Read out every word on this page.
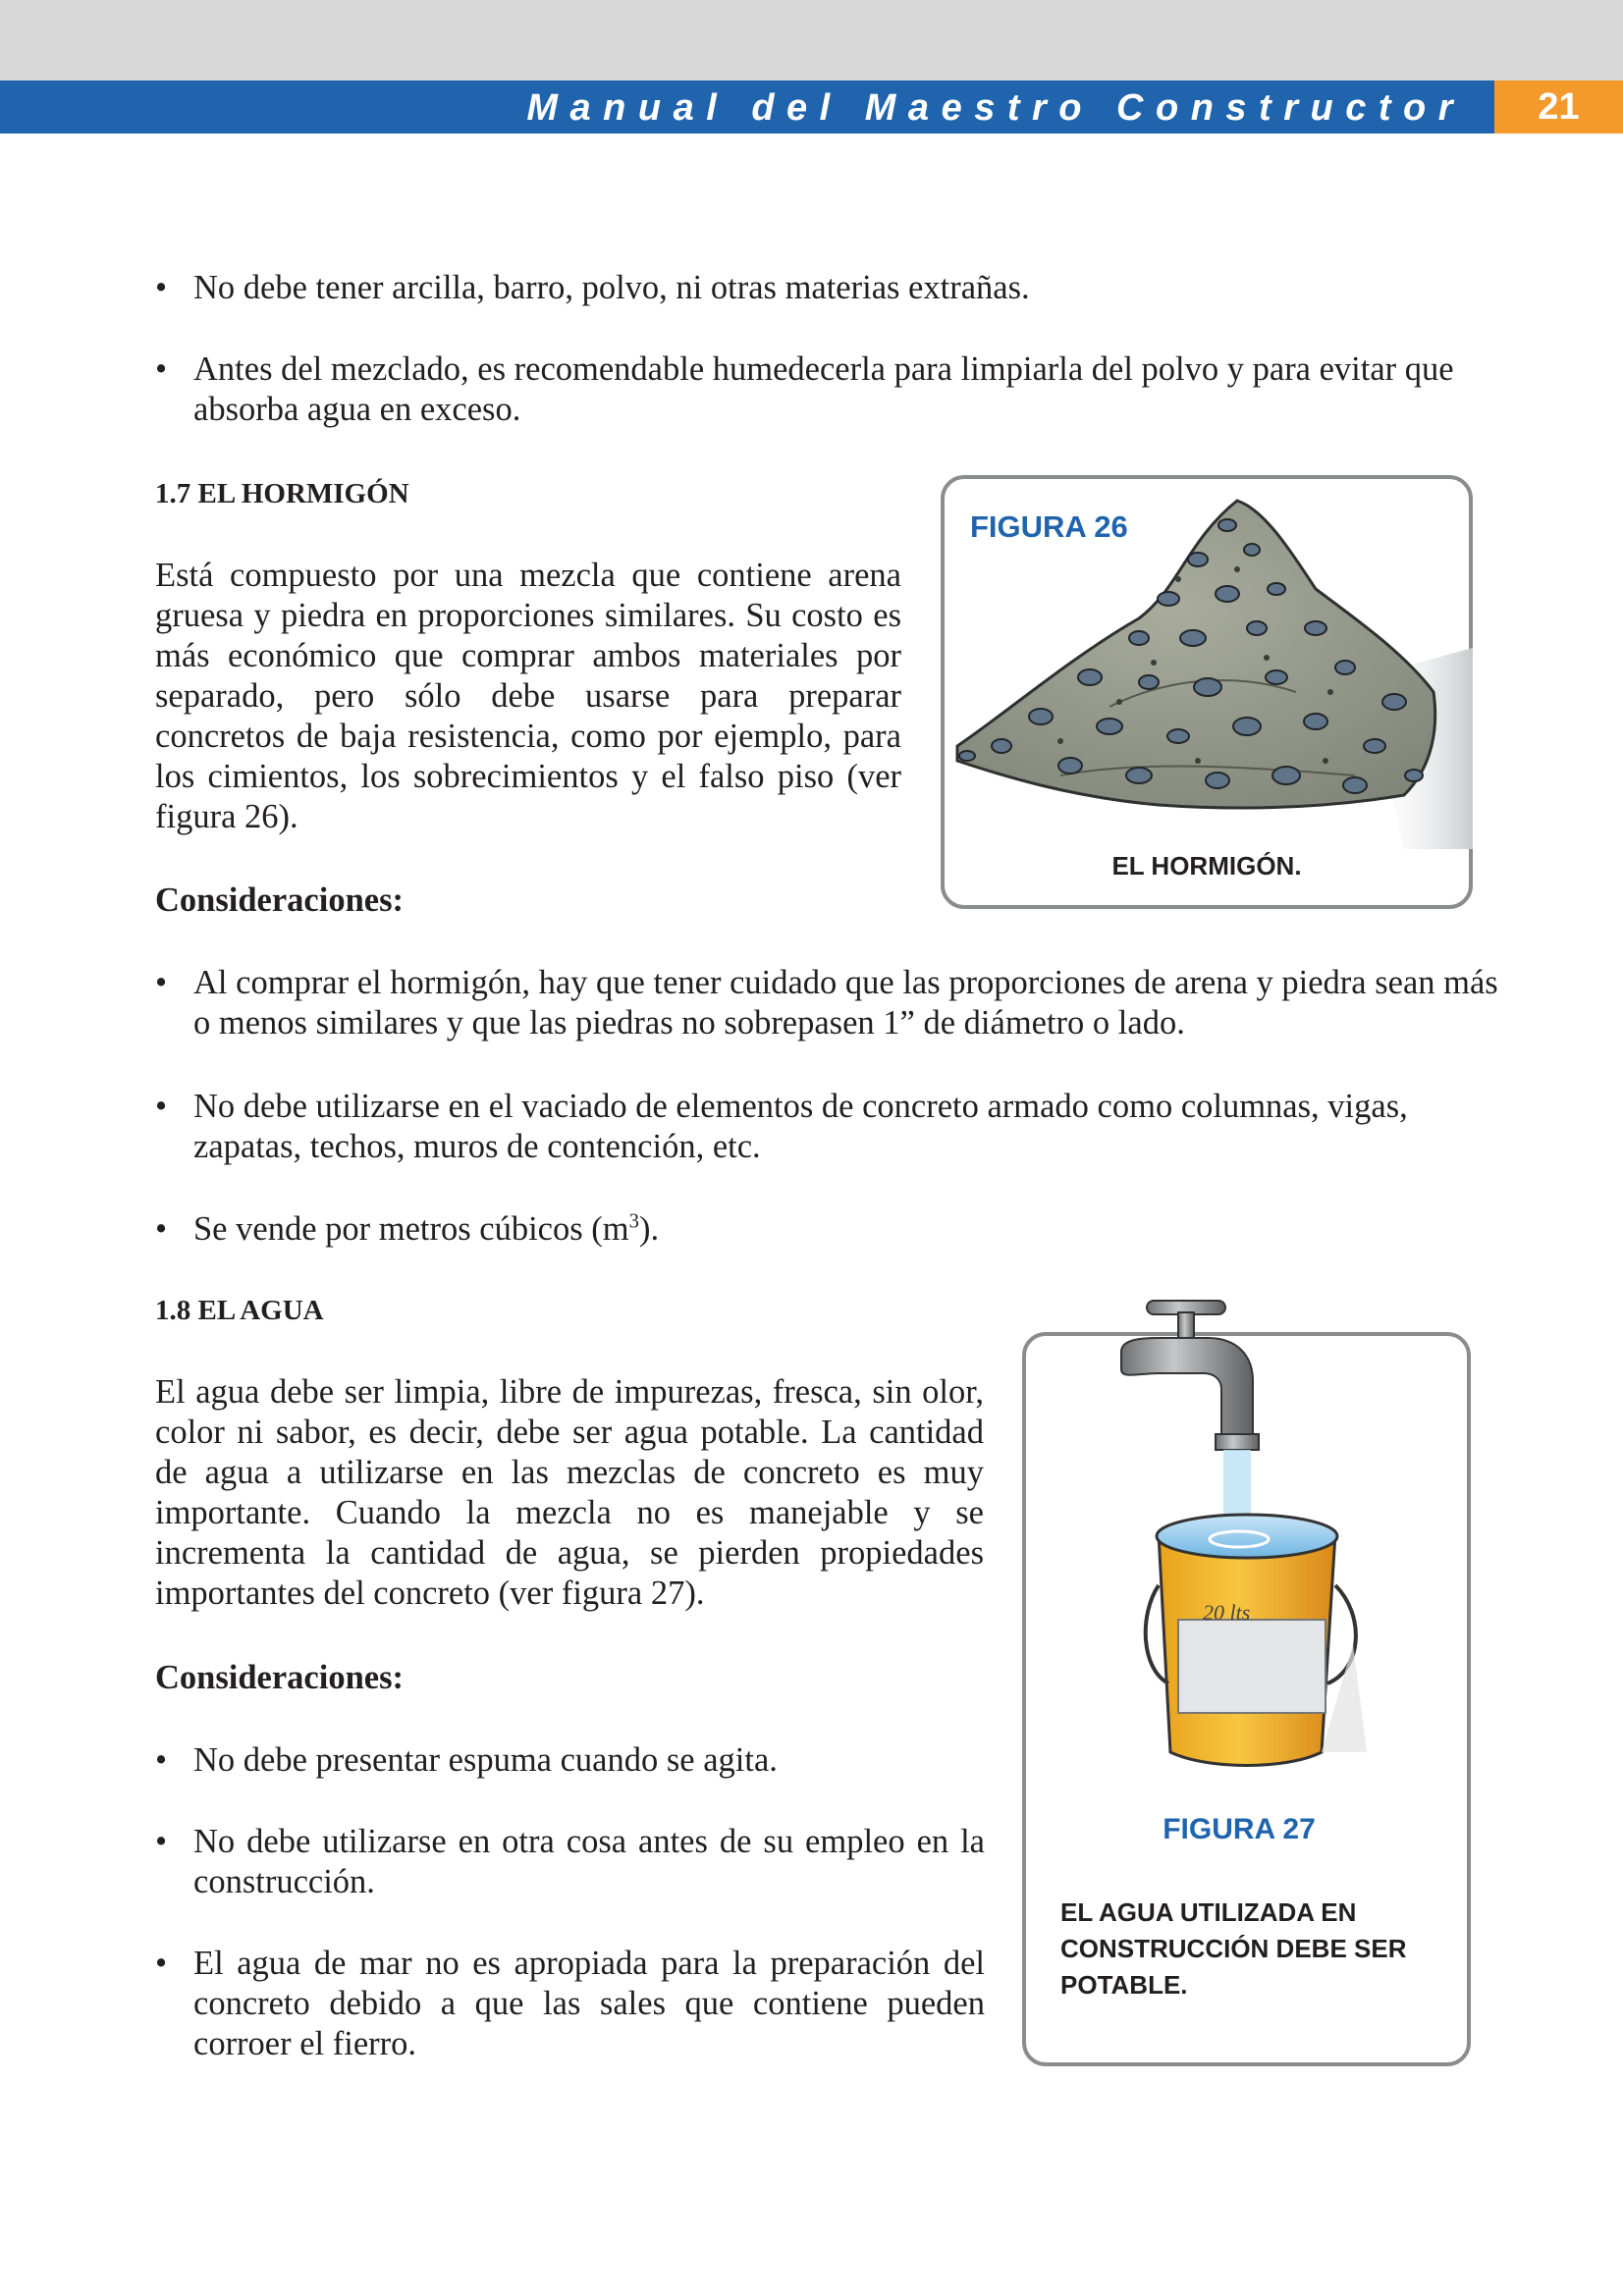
Manual del Maestro Constructor	21
• No debe tener arcilla, barro, polvo, ni otras materias extrañas.
• Antes del mezclado, es recomendable humedecerla para limpiarla del polvo y para evitar que absorba agua en exceso.
1.7 EL HORMIGÓN
Está compuesto por una mezcla que contiene arena gruesa y piedra en proporciones similares. Su costo es más económico que comprar ambos materiales por separado, pero sólo debe usarse para preparar concretos de baja resistencia, como por ejemplo, para los cimientos, los sobrecimientos y el falso piso (ver figura 26).
Consideraciones:
FIGURA 26
EL HORMIGÓN.
• Al comprar el hormigón, hay que tener cuidado que las proporciones de arena y piedra sean más o menos similares y que las piedras no sobrepasen 1” de diámetro o lado.
• No debe utilizarse en el vaciado de elementos de concreto armado como columnas, vigas, zapatas, techos, muros de contención, etc.
• Se vende por metros cúbicos $(m^3)$.
1.8 EL AGUA
El agua debe ser limpia, libre de impurezas, fresca, sin olor, color ni sabor, es decir, debe ser agua potable. La cantidad de agua a utilizarse en las mezclas de concreto es muy importante. Cuando la mezcla no es manejable y se incrementa la cantidad de agua, se pierden propiedades importantes del concreto (ver figura 27).
Consideraciones:
• No debe presentar espuma cuando se agita.
• No debe utilizarse en otra cosa antes de su empleo en la construcción.
• El agua de mar no es apropiada para la preparación del concreto debido a que las sales que contiene pueden corroer el fierro.
20 lts
FIGURA 27
EL AGUA UTILIZADA EN CONSTRUCCIÓN DEBE SER POTABLE.
